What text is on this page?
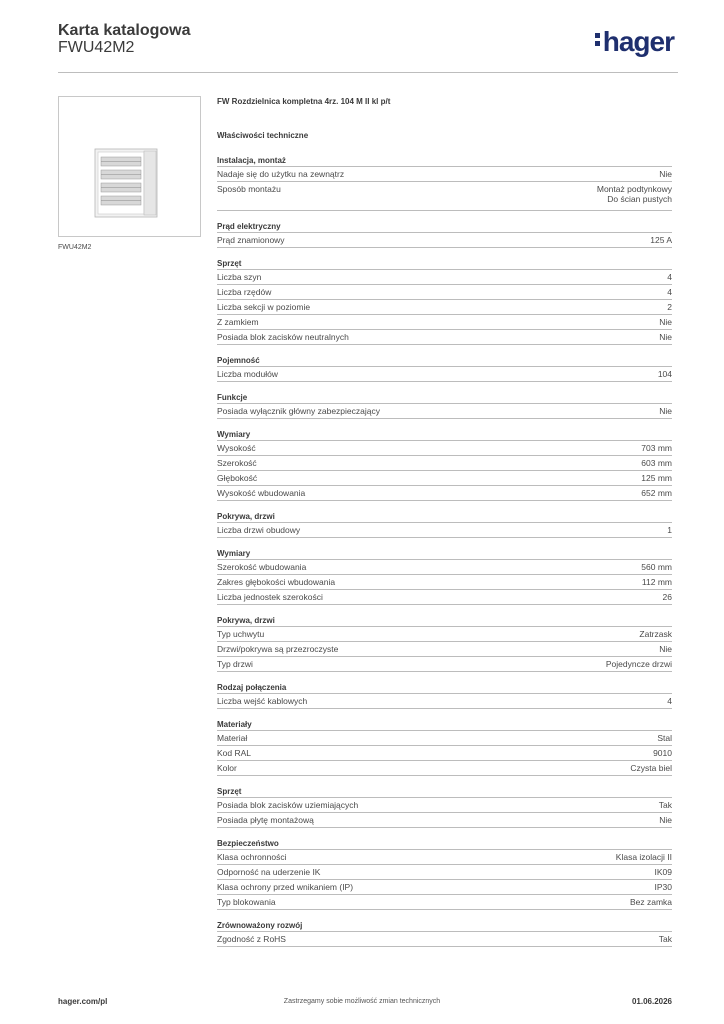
Karta katalogowa
FWU42M2	hager
FWU42M2
FW Rozdzielnica kompletna 4rz. 104 M II kl p/t
Właściwości techniczne
Instalacja, montaż
Nadaje się do użytku na zewnątrz	Nie
Sposób montażu	Montaż podtynkowy
Do ścian pustych
Prąd elektryczny
Prąd znamionowy	125 A
Sprzęt
Liczba szyn	4
Liczba rzędów	4
Liczba sekcji w poziomie	2
Z zamkiem	Nie
Posiada blok zacisków neutralnych	Nie
Pojemność
Liczba modułów	104
Funkcje
Posiada wyłącznik główny zabezpieczający	Nie
Wymiary
Wysokość	703 mm
Szerokość	603 mm
Głębokość	125 mm
Wysokość wbudowania	652 mm
Pokrywa, drzwi
Liczba drzwi obudowy	1
Wymiary
Szerokość wbudowania	560 mm
Zakres głębokości wbudowania	112 mm
Liczba jednostek szerokości	26
Pokrywa, drzwi
Typ uchwytu	Zatrzask
Drzwi/pokrywa są przezroczyste	Nie
Typ drzwi	Pojedyncze drzwi
Rodzaj połączenia
Liczba wejść kablowych	4
Materiały
Materiał	Stal
Kod RAL	9010
Kolor	Czysta biel
Sprzęt
Posiada blok zacisków uziemiających	Tak
Posiada płytę montażową	Nie
Bezpieczeństwo
Klasa ochronności	Klasa izolacji II
Odporność na uderzenie IK	IK09
Klasa ochrony przed wnikaniem (IP)	IP30
Typ blokowania	Bez zamka
Zrównoważony rozwój
Zgodność z RoHS	Tak
hager.com/pl	Zastrzegamy sobie możliwość zmian technicznych	01.06.2026
